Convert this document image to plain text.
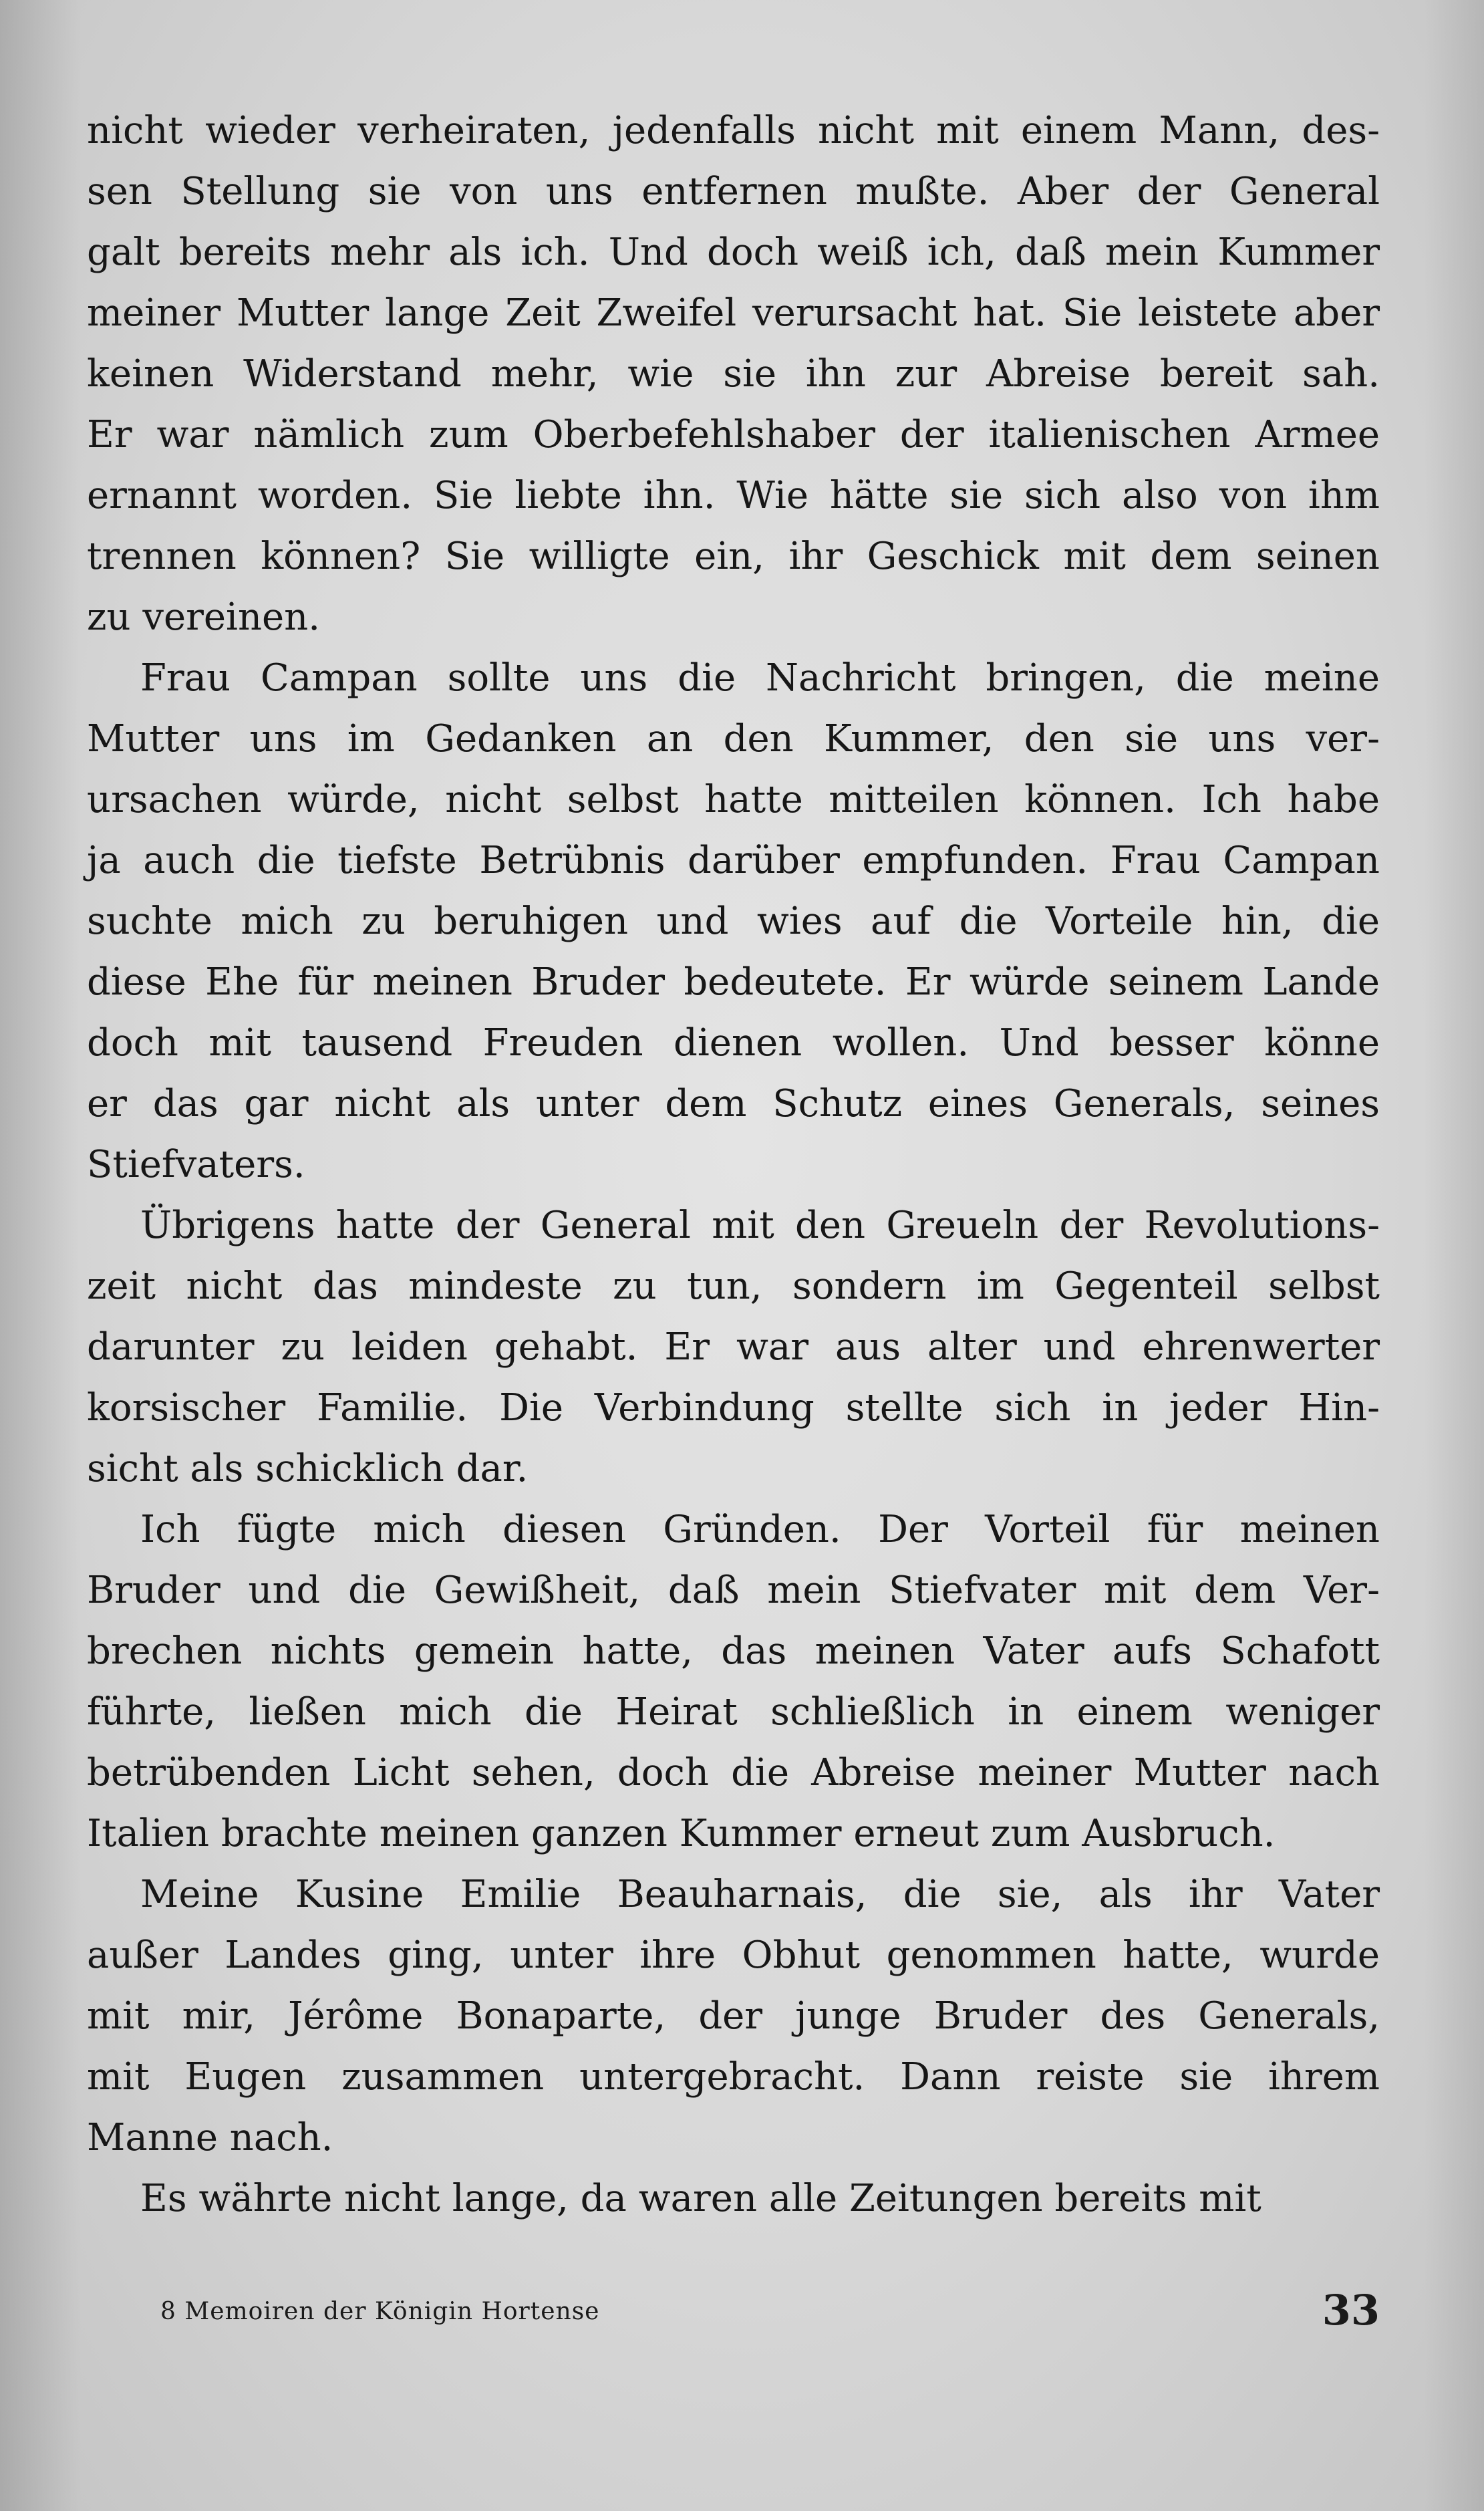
nicht wieder verheiraten, jedenfalls nicht mit einem Mann, des-
sen Stellung sie von uns entfernen mußte. Aber der General
galt bereits mehr als ich. Und doch weiß ich, daß mein Kummer
meiner Mutter lange Zeit Zweifel verursacht hat. Sie leistete aber
keinen Widerstand mehr, wie sie ihn zur Abreise bereit sah.
Er war nämlich zum Oberbefehlshaber der italienischen Armee
ernannt worden. Sie liebte ihn. Wie hätte sie sich also von ihm
trennen können? Sie willigte ein, ihr Geschick mit dem seinen
zu vereinen.
Frau Campan sollte uns die Nachricht bringen, die meine
Mutter uns im Gedanken an den Kummer, den sie uns ver-
ursachen würde, nicht selbst hatte mitteilen können. Ich habe
ja auch die tiefste Betrübnis darüber empfunden. Frau Campan
suchte mich zu beruhigen und wies auf die Vorteile hin, die
diese Ehe für meinen Bruder bedeutete. Er würde seinem Lande
doch mit tausend Freuden dienen wollen. Und besser könne
er das gar nicht als unter dem Schutz eines Generals, seines
Stiefvaters.
Übrigens hatte der General mit den Greueln der Revolutions-
zeit nicht das mindeste zu tun, sondern im Gegenteil selbst
darunter zu leiden gehabt. Er war aus alter und ehrenwerter
korsischer Familie. Die Verbindung stellte sich in jeder Hin-
sicht als schicklich dar.
Ich fügte mich diesen Gründen. Der Vorteil für meinen
Bruder und die Gewißheit, daß mein Stiefvater mit dem Ver-
brechen nichts gemein hatte, das meinen Vater aufs Schafott
führte, ließen mich die Heirat schließlich in einem weniger
betrübenden Licht sehen, doch die Abreise meiner Mutter nach
Italien brachte meinen ganzen Kummer erneut zum Ausbruch.
Meine Kusine Emilie Beauharnais, die sie, als ihr Vater
außer Landes ging, unter ihre Obhut genommen hatte, wurde
mit mir, Jérôme Bonaparte, der junge Bruder des Generals,
mit Eugen zusammen untergebracht. Dann reiste sie ihrem
Manne nach.
Es währte nicht lange, da waren alle Zeitungen bereits mit
8 Memoiren der Königin Hortense	33
